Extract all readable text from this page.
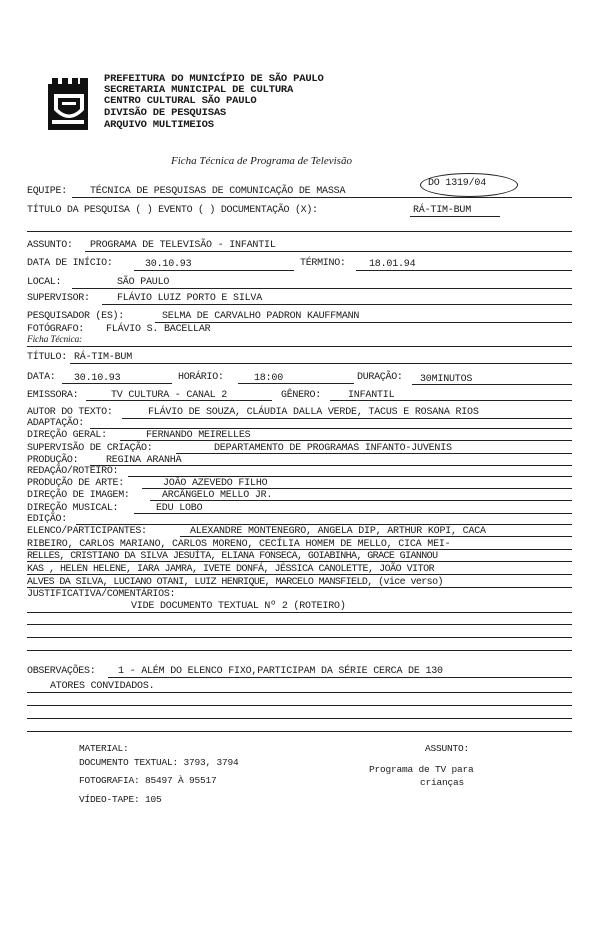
PREFEITURA DO MUNICÍPIO DE SÃO PAULO
SECRETARIA MUNICIPAL DE CULTURA
CENTRO CULTURAL SÃO PAULO
DIVISÃO DE PESQUISAS
ARQUIVO MULTIMEIOS
Ficha Técnica de Programa de Televisão
DO 1319/04
EQUIPE: TÉCNICA DE PESQUISAS DE COMUNICAÇÃO DE MASSA
TÍTULO DA PESQUISA ( ) EVENTO ( ) DOCUMENTAÇÃO (X):	RÁ-TIM-BUM
ASSUNTO: PROGRAMA DE TELEVISÃO - INFANTIL
DATA DE INÍCIO:	30.10.93	TÉRMINO: 18.01.94
LOCAL:	SÃO PAULO
SUPERVISOR:	FLÁVIO LUIZ PORTO E SILVA
PESQUISADOR (ES):	SELMA DE CARVALHO PADRON KAUFFMANN
FOTÓGRAFO: FLÁVIO S. BACELLAR
Ficha Técnica:
TÍTULO: RÁ-TIM-BUM
DATA: 30.10.93	HORÁRIO:	18:00	DURAÇÃO: 30MINUTOS
EMISSORA:	TV CULTURA - CANAL 2	GÊNERO:	INFANTIL
AUTOR DO TEXTO:	FLÁVIO DE SOUZA, CLÁUDIA DALLA VERDE, TACUS E ROSANA RIOS
ADAPTAÇÃO:
DIREÇÃO GERAL:	FERNANDO MEIRELLES
SUPERVISÃO DE CRIAÇÃO:	DEPARTAMENTO DE PROGRAMAS INFANTO-JUVENIS
PRODUÇÃO:	REGINA ARANHA
REDAÇÃO/ROTEIRO:
PRODUÇÃO DE ARTE:	JOÃO AZEVEDO FILHO
DIREÇÃO DE IMAGEM:	ARCÂNGELO MELLO JR.
DIREÇÃO MUSICAL:	EDU LOBO
EDIÇÃO:
ELENCO/PARTICIPANTES:	ALEXANDRE MONTENEGRO, ANGELA DIP, ARTHUR KOPI, CACA
RIBEIRO, CARLOS MARIANO, CARLOS MORENO, CECÍLIA HOMEM DE MELLO, CICA MEI-
RELLES, CRISTIANO DA SILVA JESUÍTA, ELIANA FONSECA, GOIABINHA, GRACE GIANNOU
KAS , HELEN HELENE, IARA JAMRA, IVETE DONFÁ, JÉSSICA CANOLETTE, JOÃO VITOR
ALVES DA SILVA, LUCIANO OTANI, LUIZ HENRIQUE, MARCELO MANSFIELD, (vice verso)
JUSTIFICATIVA/COMENTÁRIOS:
VIDE DOCUMENTO TEXTUAL Nº 2 (ROTEIRO)
OBSERVAÇÕES: 1 - ALÉM DO ELENCO FIXO,PARTICIPAM DA SÉRIE CERCA DE 130
ATORES CONVIDADOS.
MATERIAL:
DOCUMENTO TEXTUAL: 3793, 3794
FOTOGRAFIA: 85497 À 95517
VÍDEO-TAPE: 105
ASSUNTO:
Programa de TV para
crianças
